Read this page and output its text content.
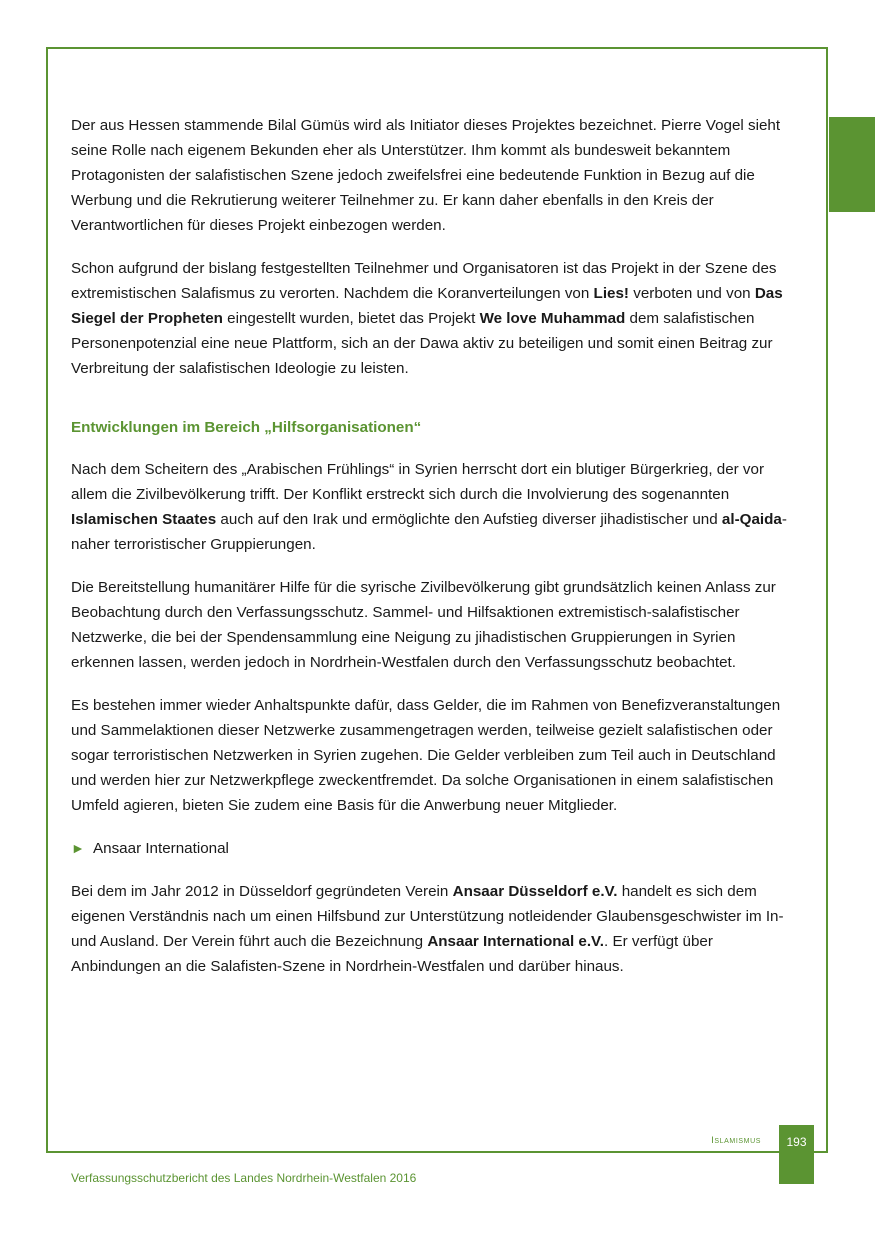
Der aus Hessen stammende Bilal Gümüs wird als Initiator dieses Projektes bezeichnet. Pierre Vogel sieht seine Rolle nach eigenem Bekunden eher als Unterstützer. Ihm kommt als bundesweit bekanntem Protagonisten der salafistischen Szene jedoch zweifelsfrei eine bedeutende Funktion in Bezug auf die Werbung und die Rekrutierung weiterer Teilnehmer zu. Er kann daher ebenfalls in den Kreis der Verantwortlichen für dieses Projekt einbezogen werden.

Schon aufgrund der bislang festgestellten Teilnehmer und Organisatoren ist das Projekt in der Szene des extremistischen Salafismus zu verorten. Nachdem die Koranverteilungen von Lies! verboten und von Das Siegel der Propheten eingestellt wurden, bietet das Projekt We love Muhammad dem salafistischen Personenpotenzial eine neue Plattform, sich an der Dawa aktiv zu beteiligen und somit einen Beitrag zur Verbreitung der salafistischen Ideologie zu leisten.

Entwicklungen im Bereich „Hilfsorganisationen“

Nach dem Scheitern des „Arabischen Frühlings“ in Syrien herrscht dort ein blutiger Bürgerkrieg, der vor allem die Zivilbevölkerung trifft. Der Konflikt erstreckt sich durch die Involvierung des sogenannten Islamischen Staates auch auf den Irak und ermöglichte den Aufstieg diverser jihadistischer und al-Qaida-naher terroristischer Gruppierungen.

Die Bereitstellung humanitärer Hilfe für die syrische Zivilbevölkerung gibt grundsätzlich keinen Anlass zur Beobachtung durch den Verfassungsschutz. Sammel- und Hilfsaktionen extremistisch-salafistischer Netzwerke, die bei der Spendensammlung eine Neigung zu jihadistischen Gruppierungen in Syrien erkennen lassen, werden jedoch in Nordrhein-Westfalen durch den Verfassungsschutz beobachtet.

Es bestehen immer wieder Anhaltspunkte dafür, dass Gelder, die im Rahmen von Benefizveranstaltungen und Sammelaktionen dieser Netzwerke zusammengetragen werden, teilweise gezielt salafistischen oder sogar terroristischen Netzwerken in Syrien zugehen. Die Gelder verbleiben zum Teil auch in Deutschland und werden hier zur Netzwerkpflege zweckentfremdet. Da solche Organisationen in einem salafistischen Umfeld agieren, bieten Sie zudem eine Basis für die Anwerbung neuer Mitglieder.

► Ansaar International

Bei dem im Jahr 2012 in Düsseldorf gegründeten Verein Ansaar Düsseldorf e.V. handelt es sich dem eigenen Verständnis nach um einen Hilfsbund zur Unterstützung notleidender Glaubensgeschwister im In- und Ausland. Der Verein führt auch die Bezeichnung Ansaar International e.V.. Er verfügt über Anbindungen an die Salafisten-Szene in Nordrhein-Westfalen und darüber hinaus.

Islamismus	193
Verfassungsschutzbericht des Landes Nordrhein-Westfalen 2016
